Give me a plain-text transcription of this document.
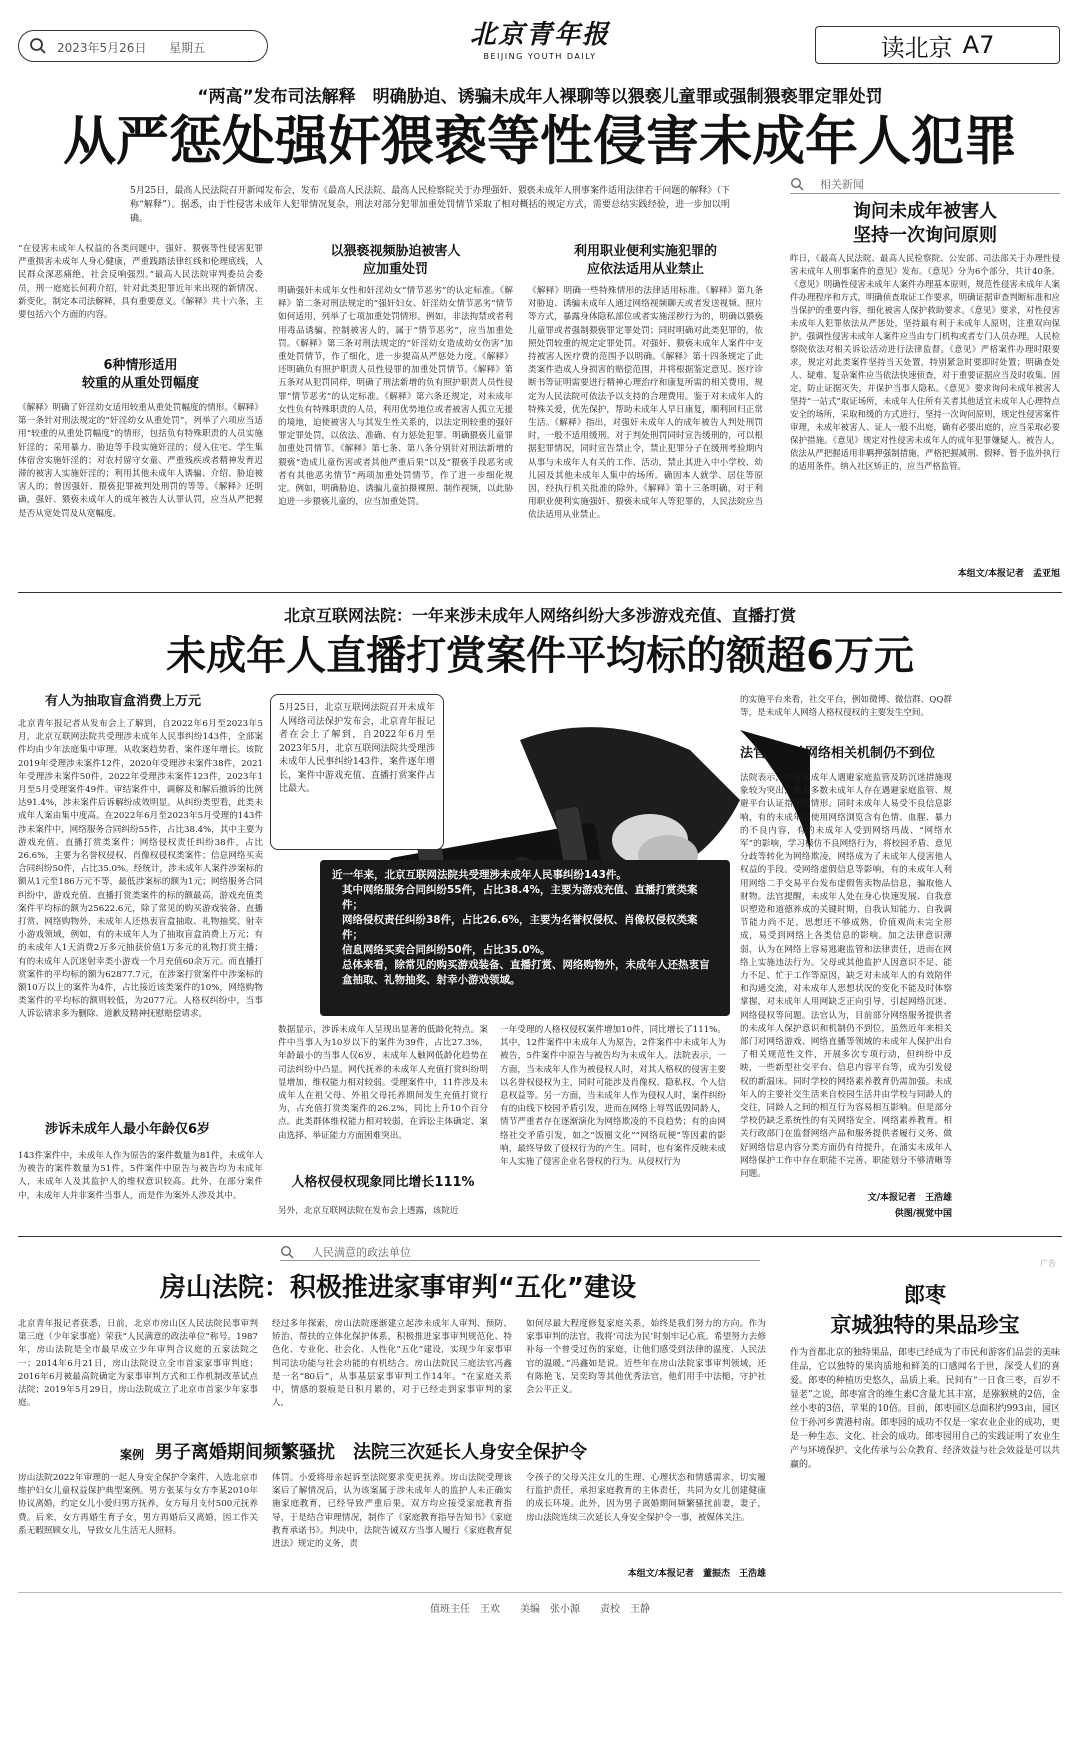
2023年5月26日 星期五	北京青年报
BEIJING YOUTH DAILY	读北京 A7
“两高”发布司法解释　明确胁迫、诱骗未成年人裸聊等以猥亵儿童罪或强制猥亵罪定罪处罚
从严惩处强奸猥亵等性侵害未成年人犯罪
5月25日，最高人民法院召开新闻发布会，发布《最高人民法院、最高人民检察院关于办理强奸、猥亵未成年人刑事案件适用法律若干问题的解释》（下称“解释”）。据悉，由于性侵害未成年人犯罪情况复杂，刑法对部分犯罪加重处罚情节采取了相对概括的规定方式，需要总结实践经验，进一步加以明确。
“在侵害未成年人权益的各类问题中，强奸、猥亵等性侵害犯罪严重损害未成年人身心健康，严重践踏法律红线和伦理底线，人民群众深恶痛绝，社会反响强烈。”最高人民法院审判委员会委员，刑一庭庭长何莉介绍，针对此类犯罪近年来出现的新情况、新变化，制定本司法解释，具有重要意义。《解释》共十六条，主要包括六个方面的内容。
6种情形适用
较重的从重处罚幅度
《解释》明确了奸淫幼女适用较重从重处罚幅度的情形。《解释》第一条针对刑法规定的“奸淫幼女从重处罚”，列举了六项应当适用“较重的从重处罚幅度”的情形，包括负有特殊职责的人员实施奸淫的；采用暴力、胁迫等手段实施奸淫的；侵入住宅、学生集体宿舍实施奸淫的；对农村留守女童、严重残疾或者精神发育迟滞的被害人实施奸淫的；利用其他未成年人诱骗、介绍、胁迫被害人的；曾因强奸、猥亵犯罪被判处刑罚的等等。《解释》还明确，强奸、猥亵未成年人的成年被告人认罪认罚，应当从严把握是否从宽处罚及从宽幅度。
以猥亵视频胁迫被害人
应加重处罚
明确强奸未成年女性和奸淫幼女“情节恶劣”的认定标准。《解释》第二条对刑法规定的“强奸妇女、奸淫幼女情节恶劣”情节如何适用，列举了七项加重处罚情形。例如，非法拘禁或者利用毒品诱骗、控制被害人的，属于“情节恶劣”，应当加重处罚。《解释》第三条对刑法规定的“奸淫幼女造成幼女伤害”加重处罚情节，作了细化，进一步提高从严惩处力度。《解释》还明确负有照护职责人员性侵罪的加重处罚情节。《解释》第五条对从犯罚同样，明确了刑法新增的负有照护职责人员性侵罪“情节恶劣”的认定标准。《解释》第六条还规定，对未成年女性负有特殊职责的人员，利用优势地位或者被害人孤立无援的境地，迫使被害人与其发生性关系的，以法定刑较重的强奸罪定罪处罚，以依法、准确、有力惩处犯罪。明确猥亵儿童罪加重处罚情节。《解释》第七条、第八条分别针对刑法新增的猥亵“造成儿童伤害或者其他严重后果”以及“猥亵手段恶劣或者有其他恶劣情节”两项加重处罚情节，作了进一步细化规定。例如，明确胁迫、诱骗儿童拍摄裸照、制作视频，以此胁迫进一步猥亵儿童的，应当加重处罚。
利用职业便利实施犯罪的
应依法适用从业禁止
《解释》明确一些特殊情形的法律适用标准。《解释》第九条对胁迫、诱骗未成年人通过网络视频聊天或者发送视频、照片等方式，暴露身体隐私部位或者实施淫秽行为的，明确以猥亵儿童罪或者强制猥亵罪定罪处罚；同时明确对此类犯罪的，依照处罚较重的规定定罪处罚。对强奸、猥亵未成年人案件中支持被害人医疗费的范围予以明确。《解释》第十四条规定了此类案件造成人身损害的赔偿范围，并将根据鉴定意见、医疗诊断书等证明需要进行精神心理治疗和康复所需的相关费用，规定为人民法院可依法予以支持的合理费用。鉴于对未成年人的特殊关爱，优先保护，帮助未成年人早日康复，顺利回归正常生活。《解释》指出，对强奸未成年人的成年被告人判处刑罚时，一般不适用缓刑。对于判处刑罚同时宣告缓刑的，可以根据犯罪情况，同时宣告禁止令，禁止犯罪分子在缓刑考验期内从事与未成年人有关的工作、活动，禁止其进入中小学校、幼儿园及其他未成年人集中的场所。确因本人就学、居住等原因，经执行机关批准的除外。《解释》第十三条明确，对于利用职业便利实施强奸、猥亵未成年人等犯罪的，人民法院应当依法适用从业禁止。
相关新闻
询问未成年被害人
坚持一次询问原则
昨日，《最高人民法院、最高人民检察院、公安部、司法部关于办理性侵害未成年人刑事案件的意见》发布。《意见》分为6个部分，共计40条。《意见》明确性侵害未成年人案件办理基本原则，规范性侵害未成年人案件办理程序和方式，明确侦查取证工作要求，明确证据审查判断标准和应当保护的重要内容，细化被害人保护救助要求。《意见》要求，对性侵害未成年人犯罪依法从严惩处，坚持最有利于未成年人原则，注重双向保护。强调性侵害未成年人案件应当由专门机构或者专门人员办理。人民检察院依法对相关诉讼活动进行法律监督。《意见》严格案件办理时限要求，规定对此类案件坚持当天处置，特别紧急时要即时处置；明确查处人、疑难、复杂案件应当依法快速侦查，对于重要证据应当及时收集、固定，防止证据灭失，并保护当事人隐私。《意见》要求询问未成年被害人坚持“一站式”取证场所，未成年人住所有关者其他适宜未成年人心理特点安全的场所，采取和缓的方式进行，坚持一次询问原则，规定性侵害案件审理，未成年被害人、证人一般不出庭，确有必要出庭的，应当采取必要保护措施。《意见》规定对性侵害未成年人的成年犯罪嫌疑人、被告人，依法从严把握适用非羁押强制措施，严格把握减刑、假释、暂予监外执行的适用条件。纳入社区矫正的，应当严格监管。
本组文/本报记者　孟亚旭
北京互联网法院：一年来涉未成年人网络纠纷大多涉游戏充值、直播打赏
未成年人直播打赏案件平均标的额超6万元
5月25日，北京互联网法院召开未成年人网络司法保护发布会，北京青年报记者在会上了解到，自2022年6月至2023年5月，北京互联网法院共受理涉未成年人民事纠纷143件，案件逐年增长，案件中游戏充值、直播打赏案件占比最大。
近一年来，北京互联网法院共受理涉未成年人民事纠纷143件。
其中网络服务合同纠纷55件，占比38.4%，主要为游戏充值、直播打赏类案件；
网络侵权责任纠纷38件，占比26.6%，主要为名誉权侵权、肖像权侵权类案件；
信息网络买卖合同纠纷50件，占比35.0%。
总体来看，除常见的购买游戏装备、直播打赏、网络购物外，未成年人还热衷盲盒抽取、礼物抽奖、射幸小游戏领域。
有人为抽取盲盒消费上万元
北京青年报记者从发布会上了解到，自2022年6月至2023年5月，北京互联网法院共受理涉未成年人民事纠纷143件，全部案件均由少年法庭集中审理。从收案趋势看，案件逐年增长。该院2019年受理涉未案件12件，2020年受理涉未案件38件，2021年受理涉未案件50件，2022年受理涉未案件123件，2023年1月至5月受理案件49件。审结案件中，调解及和解后撤诉的比例达91.4%，涉未案件后诉解纷成效明显。从纠纷类型看，此类未成年人案由集中度高。在2022年6月至2023年5月受理的143件涉未案件中，网络服务合同纠纷55件，占比38.4%，其中主要为游戏充值、直播打赏类案件；网络侵权责任纠纷38件，占比26.6%，主要为名誉权侵权、肖像权侵权类案件；信息网络买卖合同纠纷50件，占比35.0%。经统计，涉未成年人案件涉案标的额从1元至186万元不等，最低涉案标的额为1元；网络服务合同纠纷中，游戏充值、直播打赏类案件的标的额最高，游戏充值类案件平均标的额为25622.6元，除了常见的购买游戏装备、直播打赏、网络购物外，未成年人还热衷盲盒抽取、礼物抽奖、射幸小游戏领域，例如，有的未成年人为了抽取盲盒消费上万元；有的未成年人1天消费2万多元抽获价值1万多元的礼物打赏主播；有的未成年人沉迷射幸类小游戏一个月充值60余万元。而直播打赏案件的平均标的额为62877.7元，在涉案打赏案件中涉案标的额10万以上的案件为4件，占比接近该类案件的10%，网络购物类案件的平均标的额则较低，为2077元。人格权纠纷中，当事人诉讼请求多为删除、道歉及精神抚慰赔偿请求。
涉诉未成年人最小年龄仅6岁
143件案件中，未成年人作为原告的案件数量为81件，未成年人为被告的案件数量为51件，5件案件中原告与被告均为未成年人，未成年人及其监护人的维权意识较高。此外，在部分案件中，未成年人并非案件当事人，而是作为案外人涉及其中。
数据显示，涉诉未成年人呈现出显著的低龄化特点。案件中当事人为10岁以下的案件为39件，占比27.3%，年龄最小的当事人仅6岁，未成年人触网低龄化趋势在司法纠纷中凸显。网代抚养的未成年人充值打赏纠纷明显增加，维权能力相对较弱。受理案件中，11件涉及未成年人在祖父母、外祖父母托养期间发生充值打赏行为，占充值打赏类案件的26.2%，同比上升10个百分点。此类群体维权能力相对较弱，在诉讼主体确定、案由选择、举证能力方面困难突出。
人格权侵权现象同比增长111%
另外，北京互联网法院在发布会上透露，该院近
一年受理的人格权侵权案件增加10件，同比增长了111%。其中，12件案件中未成年人为原告，2件案件中未成年人为被告，5件案件中原告与被告均为未成年人。法院表示，一方面，当未成年人作为被侵权人时，对其人格权的侵害主要以名誉权侵权为主，同时可能涉及肖像权、隐私权、个人信息权益等。另一方面，当未成年人作为侵权人时，案件纠纷有的由线下校园矛盾引发，进而在网络上辱骂诋毁同龄人，情节严重者存在逐渐演化为网络欺凌的不良趋势；有的由网络社交矛盾引发，如之“饭圈文化”“网络玩梗”等因素的影响，最终导致了侵权行为的产生。同时，也有案件反映未成年人实施了侵害企业名誉权的行为。从侵权行为
的实施平台来看，社交平台，例如微博、微信群、QQ群等，是未成年人网络人格权侵权的主要发生空间。
法官：目前网络相关机制仍不到位
法院表示，涉诉未成年人遇避家庭监管及防沉迷措施现象较为突出，绝大多数未成年人存在遇避家庭监管、规避平台认证措施的情形。同时未成年人易受不良信息影响，有的未成年人使用网络浏览含有色情、血腥、暴力的不良内容，有的未成年人受到网络玛战、“网络水军”的影响，学习模仿不良网络行为，将校园矛盾、意见分歧等转化为网络欺凌，网络成为了未成年人侵害他人权益的手段。受网络虚假信息等影响，有的未成年人利用网络二手交易平台发布虚假售卖物品信息，骗取他人财物。法官提醒，未成年人处在身心快速发展、自我意识塑造和道德养成的关键时期，自我认知能力、自我调节能力尚不足，思想还不够成熟，价值观尚未完全形成，易受到网络上各类信息的影响。加之法律意识薄弱，认为在网络上容易逃避监管和法律责任，进而在网络上实施违法行为。父母或其他监护人因意识不足、能力不足、忙于工作等原因，缺乏对未成年人的有效陪伴和沟通交流，对未成年人思想状况的变化不能及时体察掌握，对未成年人用网缺乏正向引导，引起网络沉迷、网络侵权等问题。法官认为，目前部分网络服务提供者的未成年人保护意识和机制仍不到位，虽然近年来相关部门对网络游戏、网络直播等领域的未成年人保护出台了相关规范性文件，开展多次专项行动，但纠纷中反映，一些新型社交平台、信息内容平台等，成为引发侵权的新温床。同时学校的网络素养教育仍需加强。未成年人的主要社交生活来自校园生活并由学校与同龄人的交往，同龄人之间的相互行为容易相互影响。但是部分学校仍缺乏系统性的有关网络安全、网络素养教育。相关行政部门在监督网络产品和服务提供者履行义务、做好网络信息内容分类方面仍有待提升，在涌实未成年人网络保护工作中存在职能不完善、职能划分不够清晰等问题。
文/本报记者　王浩雄
供图/视觉中国
人民满意的政法单位
房山法院：积极推进家事审判“五化”建设
北京青年报记者获悉，日前，北京市房山区人民法院民事审判第三庭（少年家事庭）荣获“人民满意的政法单位”称号。1987年，房山法院是全市最早成立少年审判合议庭的五家法院之一；2014年6月21日，房山法院设立全市首家家事审判庭；2016年6月被最高院确定为家事审判方式和工作机制改革试点法院；2019年5月29日，房山法院成立了北京市首家少年家事庭。
经过多年探索，房山法院逐渐建立起涉未成年人审判、预防、矫治、帮扶的立体化保护体系，积极推进家事审判规范化、特色化、专业化、社会化、人性化“五化”建设，实现少年家事审判司法功能与社会功能的有机结合。房山法院民三庭法官冯鑫是一名“80后”，从事基层家事审判工作14年。“在家庭关系中，情感的裂痕是日积月累的，对于已经走到家事审判的家人，
如何尽最大程度修复家庭关系，始终是我们努力的方向。作为家事审判的法官，我将‘司法为民’时刻牢记心底。希望努力去修补每一个曾受过伤的家庭，让他们感受到法律的温度、人民法官的温暖。”冯鑫如是说。近些年在房山法院家事审判领域，还有陈艳飞、吴奕昀等其他优秀法官，他们用手中法槌，守护社会公平正义。
案例 男子离婚期间频繁骚扰　法院三次延长人身安全保护令
房山法院2022年审理的一起人身安全保护令案件，入选北京市维护妇女儿童权益保护典型案例。男方张某与女方李某2010年协议离婚，约定女儿小爱归男方抚养，女方每月支付500元抚养费。后来，女方再婚生育子女，男方再婚后又离婚，因工作关系无暇照顾女儿，导致女儿生活无人照料。
体罚。小爱将母亲起诉至法院要求变更抚养。房山法院受理该案后了解情况后，认为该案属于涉未成年人的监护人未正确实施家庭教育，已经导致严重后果，双方均应接受家庭教育指导，于是结合审理情况，制作了《家庭教育指导告知书》《家庭教育承诺书》。判决中，法院告诫双方当事人履行《家庭教育促进法》规定的义务，责
令孩子的父母关注女儿的生理、心理状态和情感需求，切实履行监护责任，承担家庭教育的主体责任，共同为女儿创建健康的成长环境。此外，因为男子离婚期间频繁骚扰前妻，妻子，房山法院连续三次延长人身安全保护令一事，被媒体关注。
本组文/本报记者　董振杰　王浩雄
广告
郎枣
京城独特的果品珍宝
作为首都北京的独特果品，郎枣已经成为了市民和游客们品尝的美味佳品，它以独特的果肉质地和鲜美的口感闻名于世，深受人们的喜爱。郎枣的种植历史悠久，品质上乘。民间有“一日食三枣，百岁不显老”之说，郎枣富含的维生素C含量尤其丰富，是猕猴桃的2倍，金丝小枣的3倍，苹果的10倍。目前，郎枣园区总面积约993亩，园区位于孙河乡黄港村南。郎枣园的成功不仅是一家农业企业的成功，更是一种生态、文化、社会的成功。郎枣园用自己的实践证明了农业生产与环境保护、文化传承与公众教育、经济效益与社会效益是可以共赢的。
值班主任　王欢　　美编　张小源　　责校　王静
